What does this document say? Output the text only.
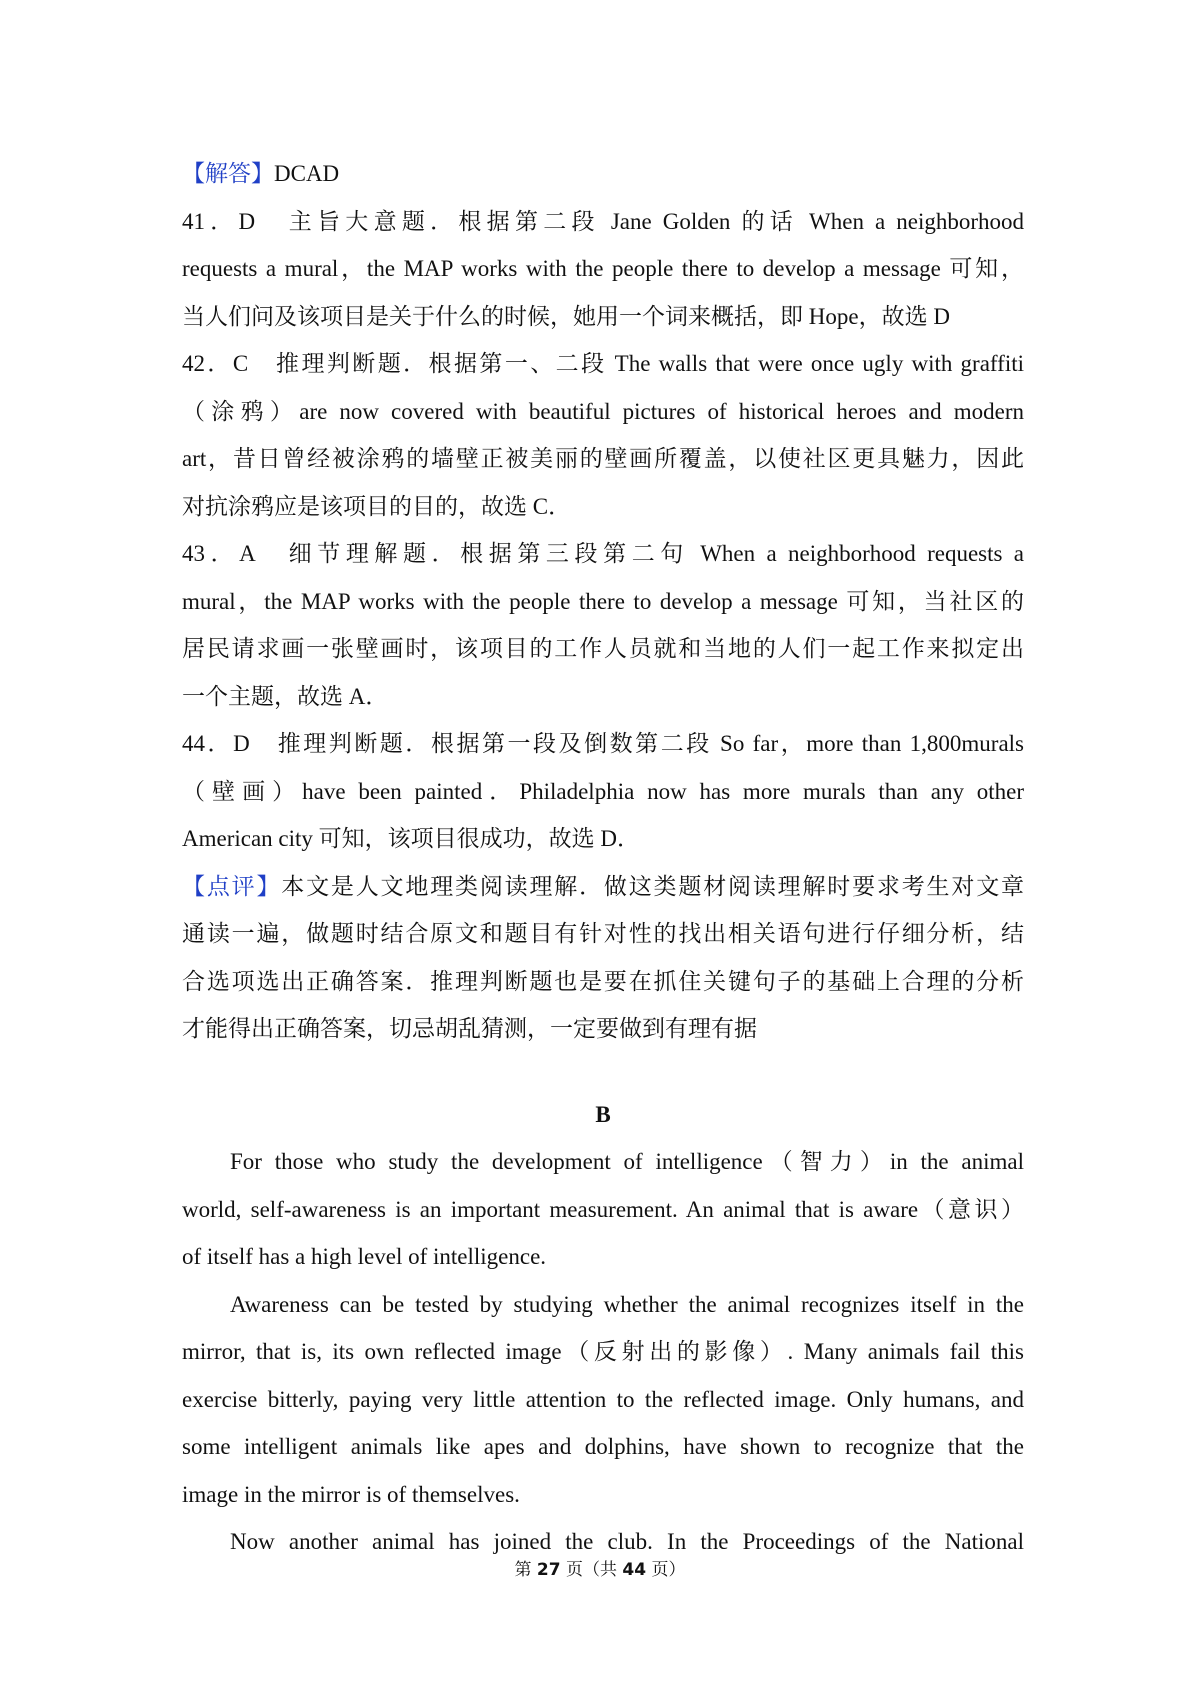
【解答】DCAD
41．D　主旨大意题．根据第二段 Jane Golden 的话 When a neighborhood
requests a mural，the MAP works with the people there to develop a message 可知，
当人们问及该项目是关于什么的时候，她用一个词来概括，即 Hope，故选 D
42．C　推理判断题．根据第一、二段 The walls that were once ugly with graffiti
（涂鸦）are now covered with beautiful pictures of historical heroes and modern
art，昔日曾经被涂鸦的墙壁正被美丽的壁画所覆盖，以使社区更具魅力，因此
对抗涂鸦应是该项目的目的，故选 C．
43．A　细节理解题．根据第三段第二句 When a neighborhood requests a
mural，the MAP works with the people there to develop a message 可知，当社区的
居民请求画一张壁画时，该项目的工作人员就和当地的人们一起工作来拟定出
一个主题，故选 A．
44．D　推理判断题．根据第一段及倒数第二段 So far，more than 1,800murals
（壁画）have been painted．Philadelphia now has more murals than any other
American city 可知，该项目很成功，故选 D．
【点评】本文是人文地理类阅读理解．做这类题材阅读理解时要求考生对文章
通读一遍，做题时结合原文和题目有针对性的找出相关语句进行仔细分析，结
合选项选出正确答案．推理判断题也是要在抓住关键句子的基础上合理的分析
才能得出正确答案，切忌胡乱猜测，一定要做到有理有据
B
For those who study the development of intelligence（智力）in the animal
world, self-awareness is an important measurement. An animal that is aware（意识）
of itself has a high level of intelligence.
Awareness can be tested by studying whether the animal recognizes itself in the
mirror, that is, its own reflected image（反射出的影像）. Many animals fail this
exercise bitterly, paying very little attention to the reflected image. Only humans, and
some intelligent animals like apes and dolphins, have shown to recognize that the
image in the mirror is of themselves.
Now another animal has joined the club. In the Proceedings of the National
第 27 页（共 44 页）
